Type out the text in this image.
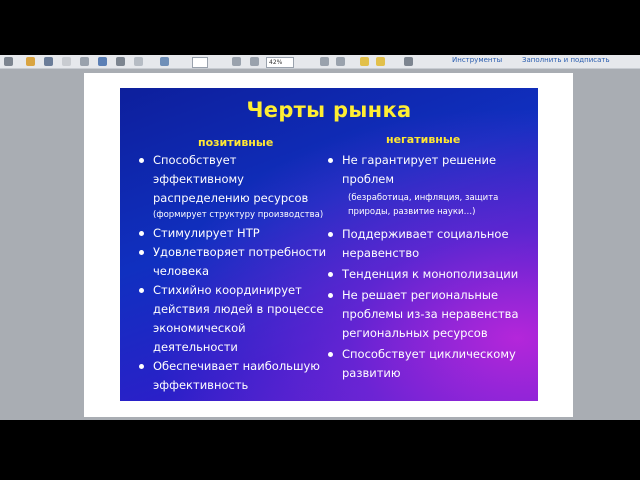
42%	Инструменты	Заполнить и подписать
Черты рынка
позитивные	негативные
Способствует эффективному распределению ресурсов
(формирует структуру производства)
Стимулирует НТР
Удовлетворяет потребности человека
Стихийно координирует действия людей в процессе экономической деятельности
Обеспечивает наибольшую эффективность
Не гарантирует решение проблем
(безработица, инфляция, защита природы, развитие науки…)
Поддерживает социальное неравенство
Тенденция к монополизации
Не решает региональные проблемы из-за неравенства региональных ресурсов
Способствует циклическому развитию
